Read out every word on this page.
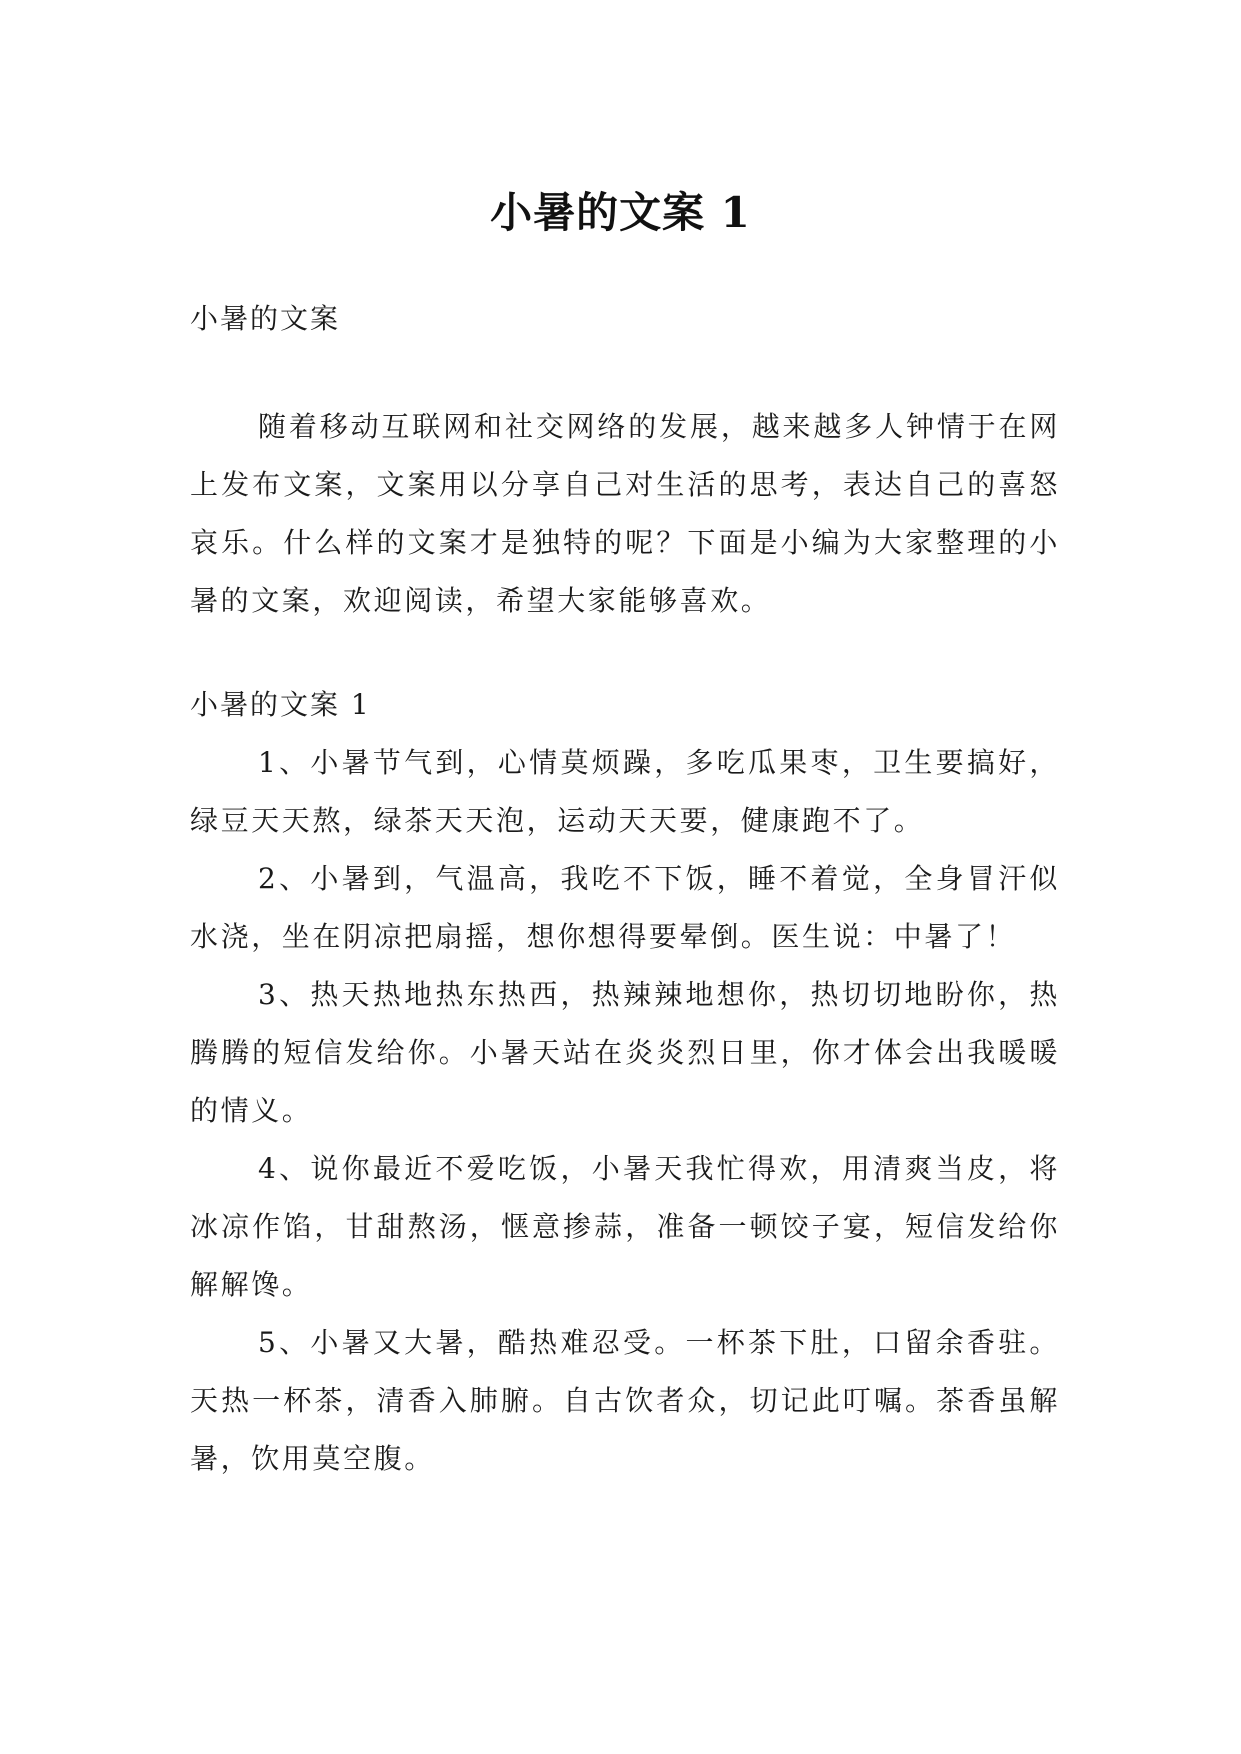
小暑的文案 1

小暑的文案

随着移动互联网和社交网络的发展，越来越多人钟情于在网上发布文案，文案用以分享自己对生活的思考，表达自己的喜怒哀乐。什么样的文案才是独特的呢？下面是小编为大家整理的小暑的文案，欢迎阅读，希望大家能够喜欢。

小暑的文案 1

1、小暑节气到，心情莫烦躁，多吃瓜果枣，卫生要搞好，绿豆天天熬，绿茶天天泡，运动天天要，健康跑不了。

2、小暑到，气温高，我吃不下饭，睡不着觉，全身冒汗似水浇，坐在阴凉把扇摇，想你想得要晕倒。医生说：中暑了！

3、热天热地热东热西，热辣辣地想你，热切切地盼你，热腾腾的短信发给你。小暑天站在炎炎烈日里，你才体会出我暖暖的情义。

4、说你最近不爱吃饭，小暑天我忙得欢，用清爽当皮，将冰凉作馅，甘甜熬汤，惬意掺蒜，准备一顿饺子宴，短信发给你解解馋。

5、小暑又大暑，酷热难忍受。一杯茶下肚，口留余香驻。天热一杯茶，清香入肺腑。自古饮者众，切记此叮嘱。茶香虽解暑，饮用莫空腹。
